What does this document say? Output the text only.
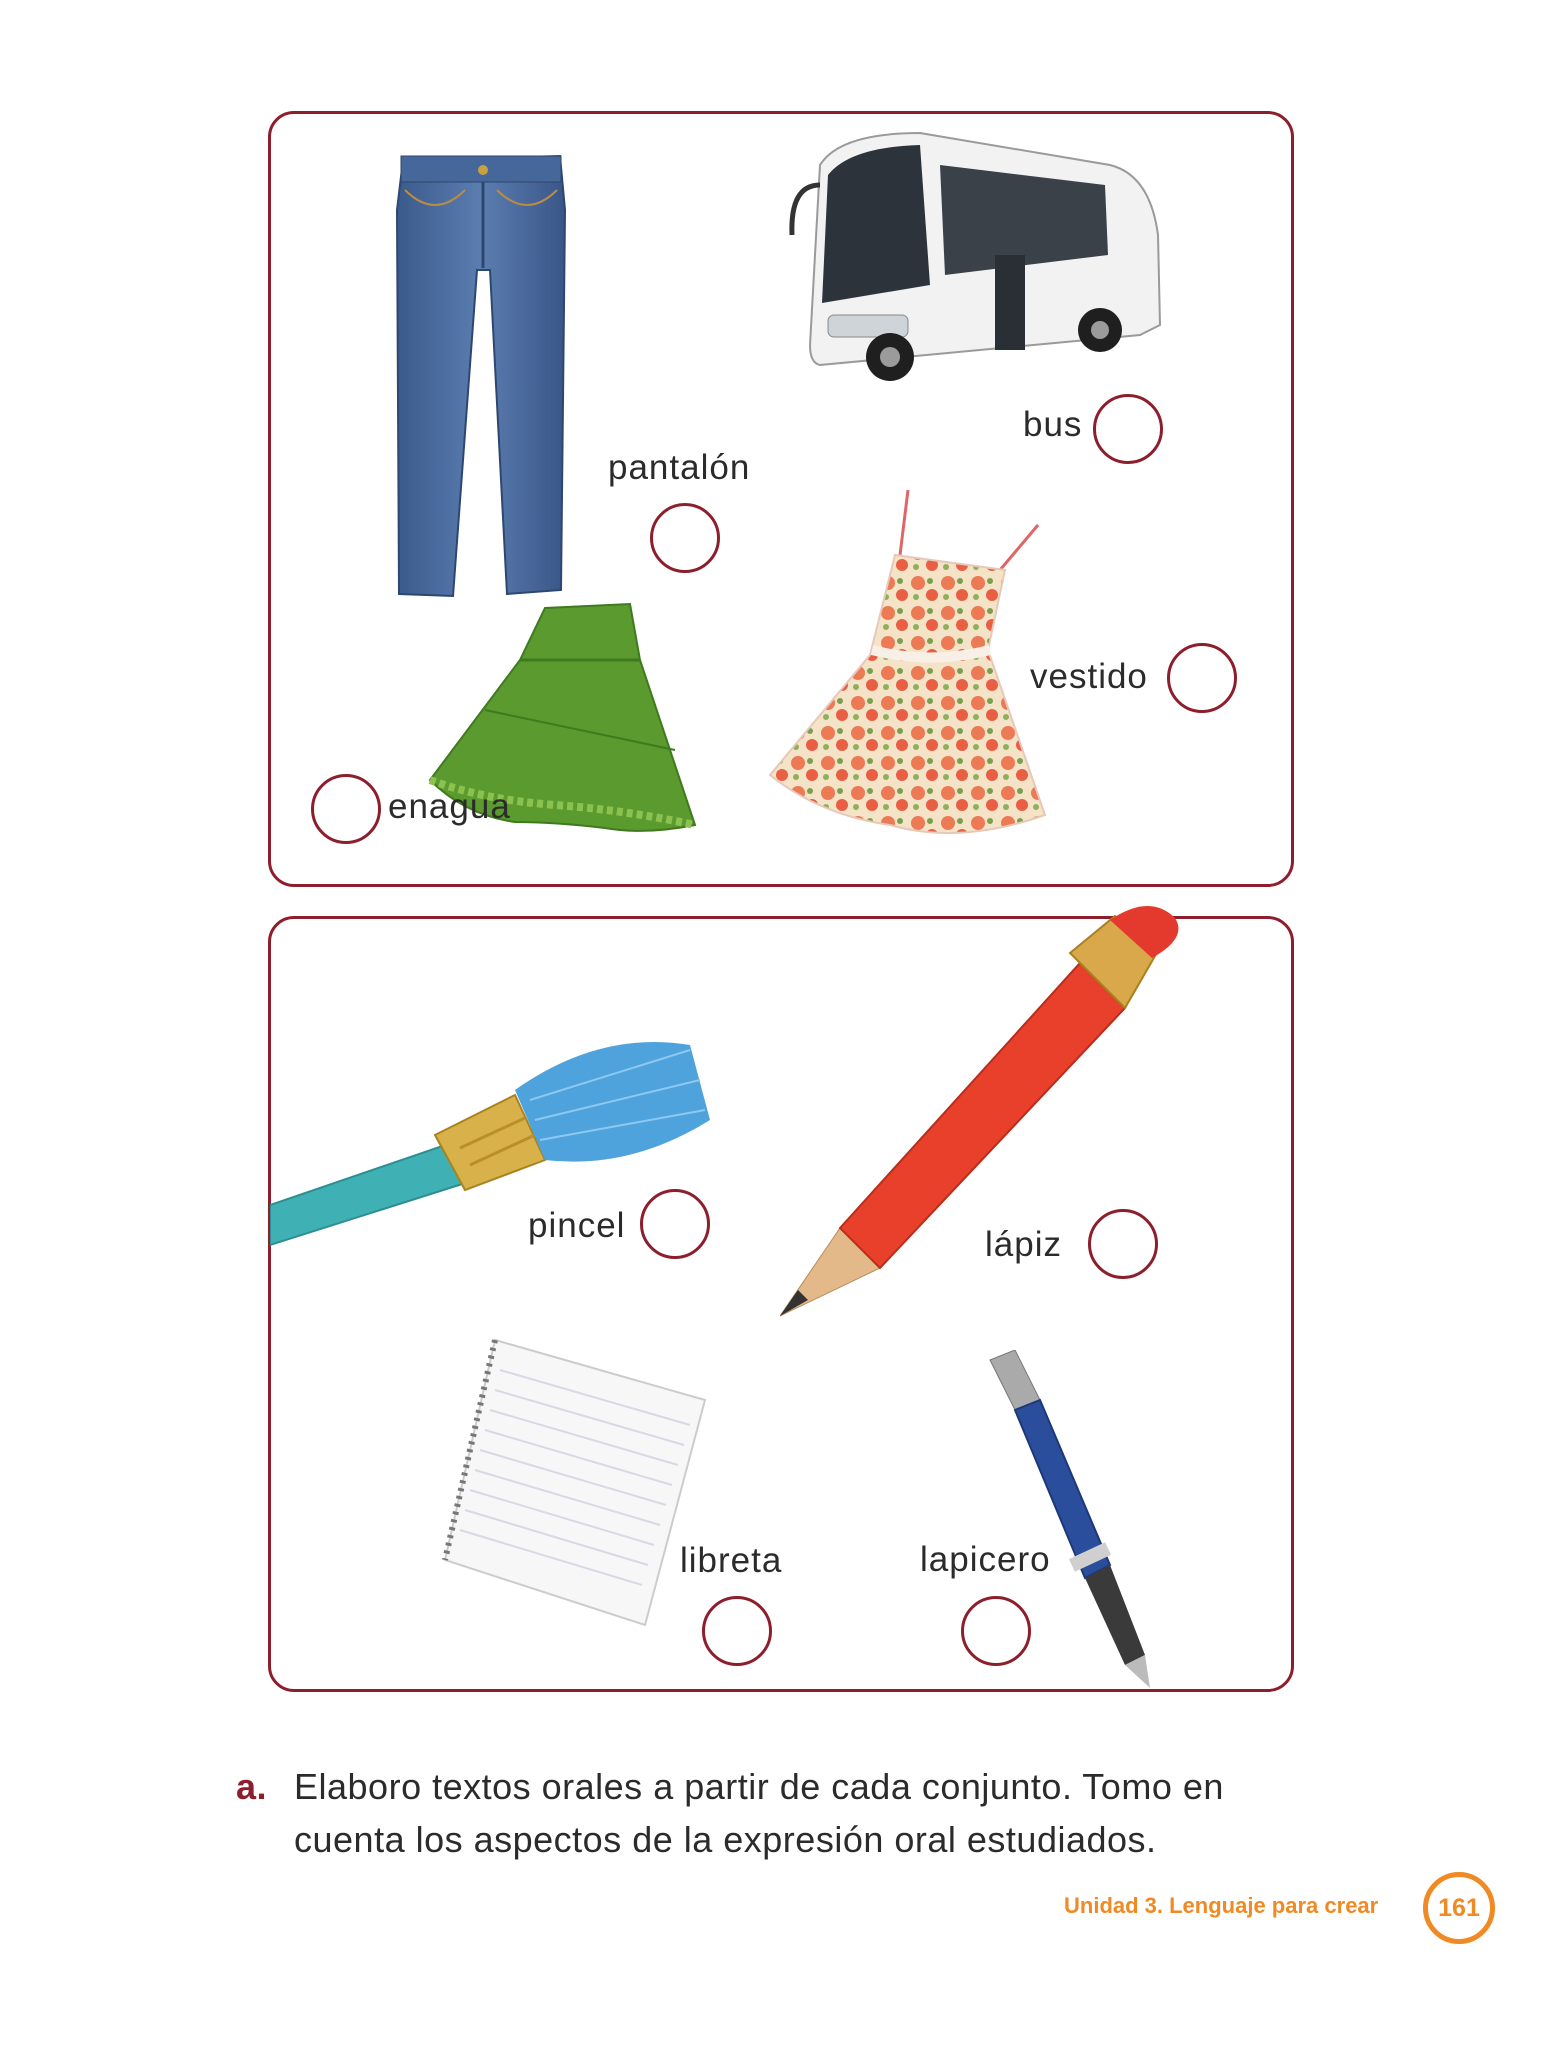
pantalón
bus
vestido
enagua
pincel	lápiz
libreta	lapicero
a. Elaboro textos orales a partir de cada conjunto. Tomo en cuenta los aspectos de la expresión oral estudiados.
Unidad 3. Lenguaje para crear	161
